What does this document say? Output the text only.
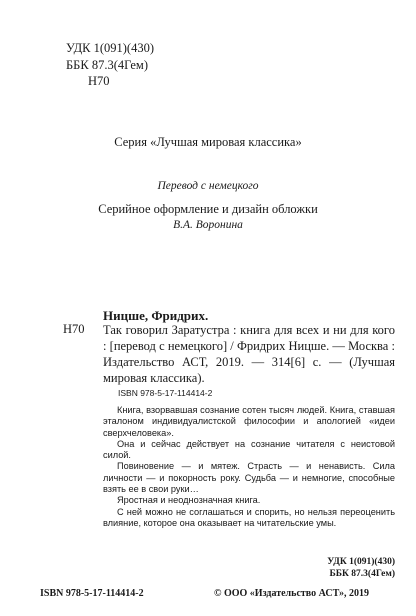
УДК 1(091)(430)
ББК 87.3(4Гем)
Н70
Серия «Лучшая мировая классика»
Перевод с немецкого
Серийное оформление и дизайн обложки
В.А. Воронина
Ницше, Фридрих.
Н70 Так говорил Заратустра : книга для всех и ни для кого : [перевод с немецкого] / Фридрих Ницше. — Москва : Издательство АСТ, 2019. — 314[6] с. — (Лучшая мировая классика).
ISBN 978-5-17-114414-2

Книга, взорвавшая сознание сотен тысяч людей. Книга, ставшая эталоном индивидуалистской философии и апологией «идеи сверхчеловека».

Она и сейчас действует на сознание читателя с неистовой силой.

Повиновение — и мятеж. Страсть — и ненависть. Сила личности — и покорность року. Судьба — и немногие, способные взять ее в свои руки…

Яростная и неоднозначная книга.

С ней можно не соглашаться и спорить, но нельзя переоценить влияние, которое она оказывает на читательские умы.

УДК 1(091)(430)
ББК 87.3(4Гем)
ISBN 978-5-17-114414-2	© ООО «Издательство АСТ», 2019
